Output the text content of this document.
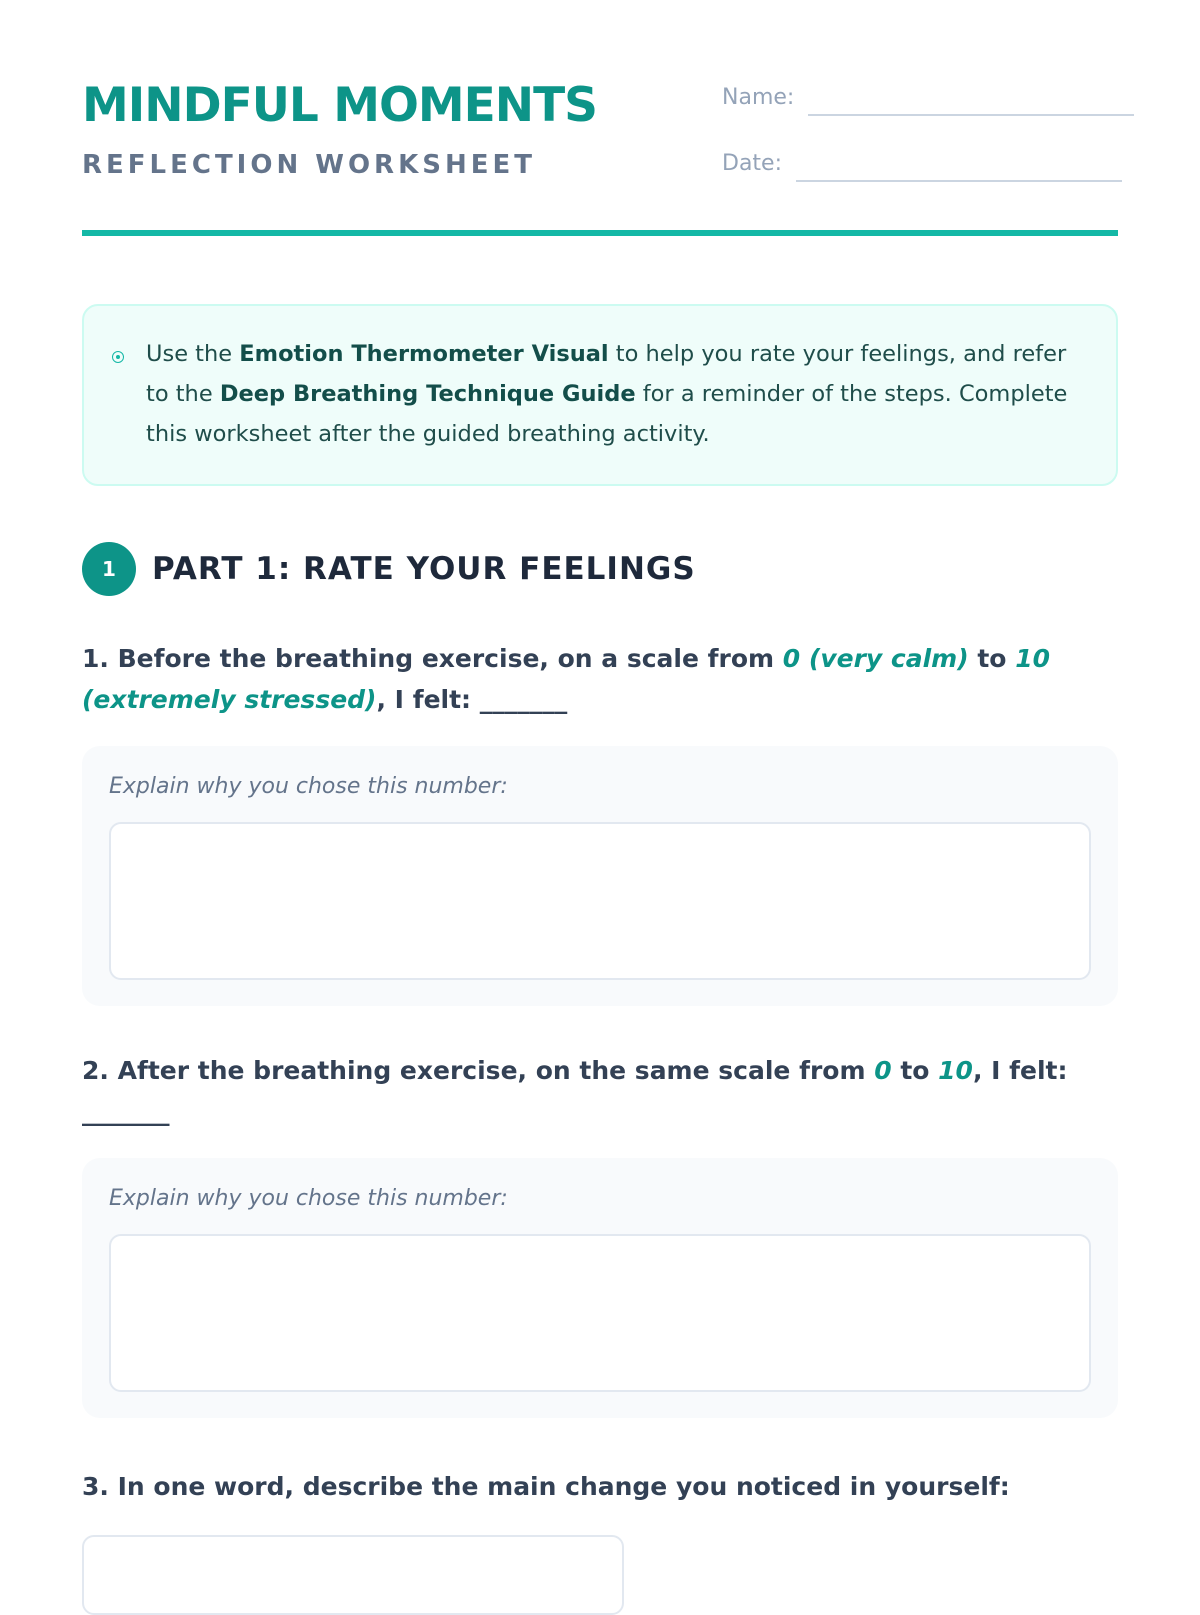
MINDFUL MOMENTS
REFLECTION WORKSHEET
Name:
Date:
Use the Emotion Thermometer Visual to help you rate your feelings, and refer to the Deep Breathing Technique Guide for a reminder of the steps. Complete this worksheet after the guided breathing activity.
1	PART 1: RATE YOUR FEELINGS
1. Before the breathing exercise, on a scale from 0 (very calm) to 10 (extremely stressed), I felt: _______
Explain why you chose this number:
2. After the breathing exercise, on the same scale from 0 to 10, I felt: _______
Explain why you chose this number:
3. In one word, describe the main change you noticed in yourself:
